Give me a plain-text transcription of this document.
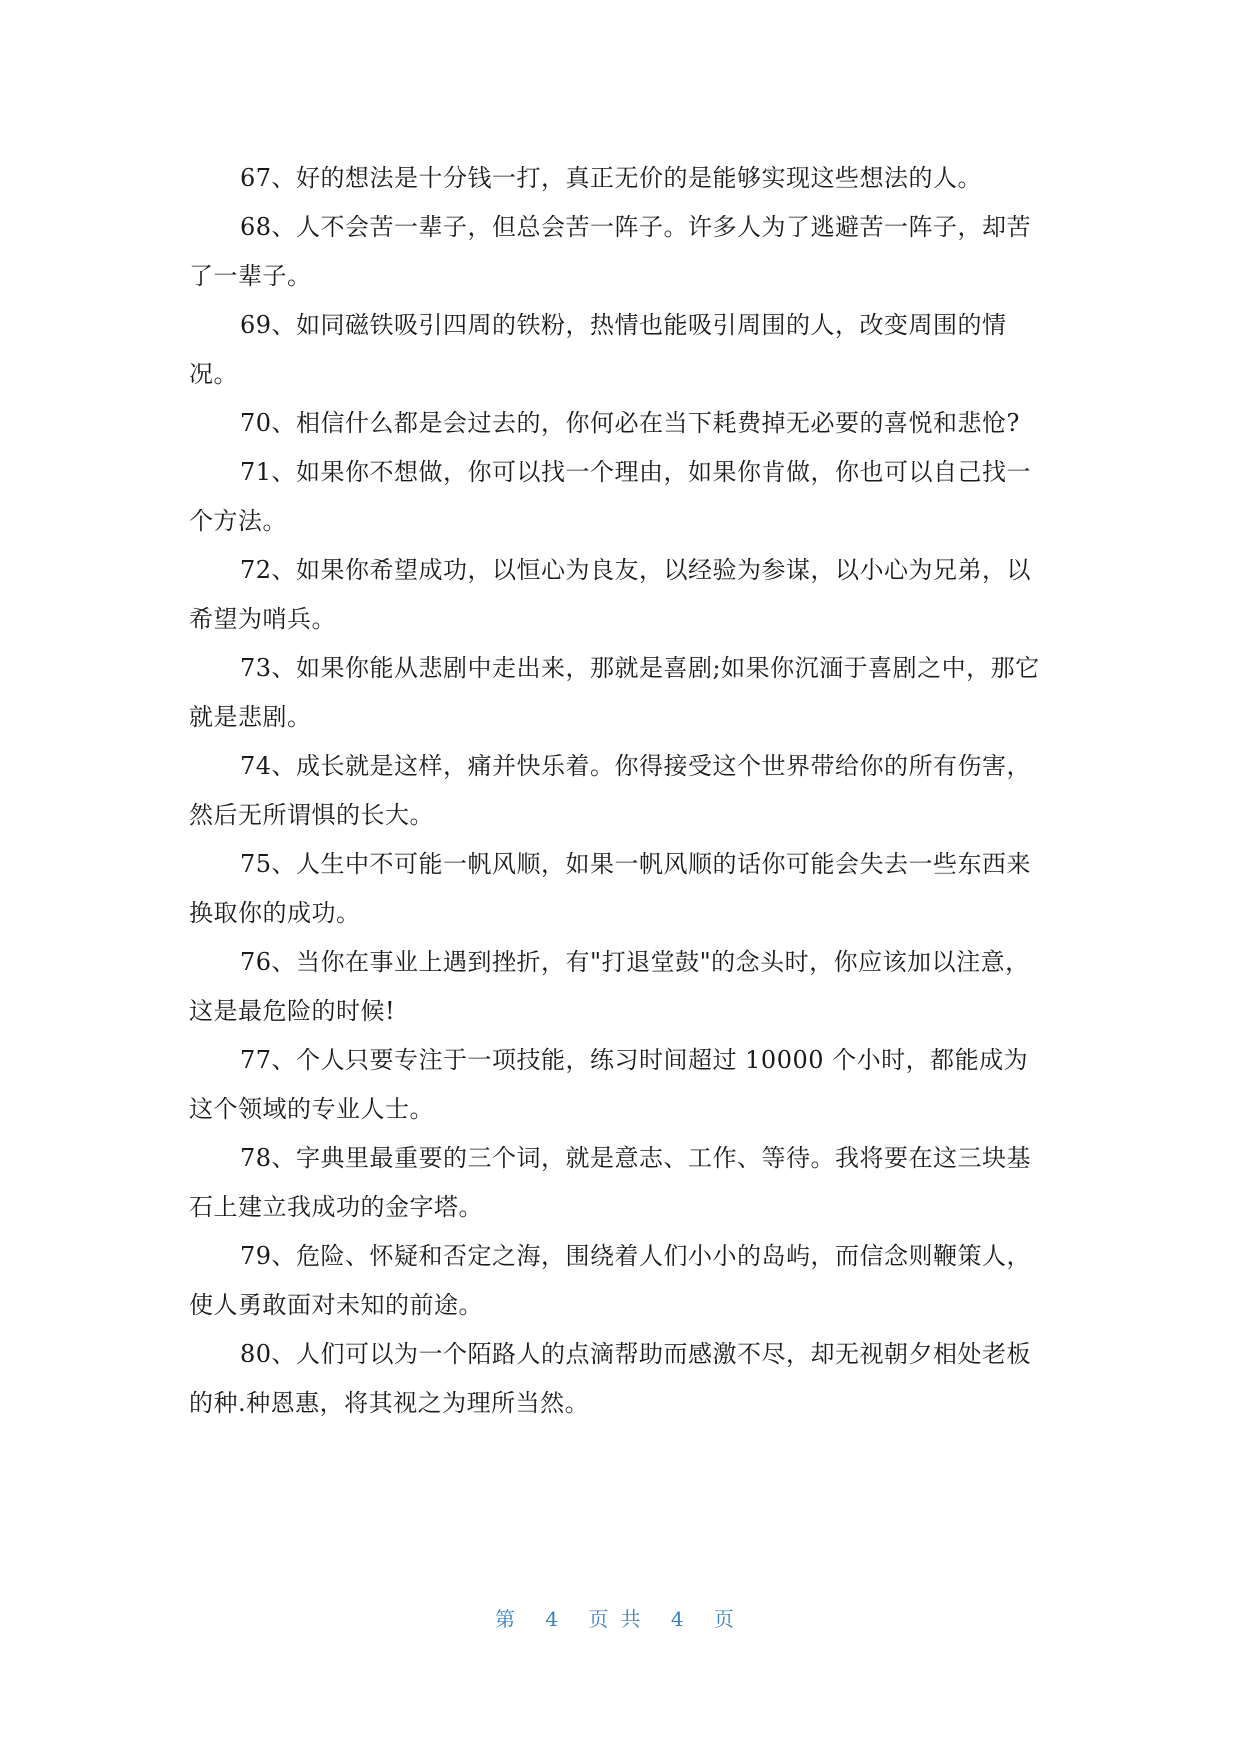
67、好的想法是十分钱一打，真正无价的是能够实现这些想法的人。

68、人不会苦一辈子，但总会苦一阵子。许多人为了逃避苦一阵子，却苦了一辈子。

69、如同磁铁吸引四周的铁粉，热情也能吸引周围的人，改变周围的情况。

70、相信什么都是会过去的，你何必在当下耗费掉无必要的喜悦和悲怆?

71、如果你不想做，你可以找一个理由，如果你肯做，你也可以自己找一个方法。

72、如果你希望成功，以恒心为良友，以经验为参谋，以小心为兄弟，以希望为哨兵。

73、如果你能从悲剧中走出来，那就是喜剧;如果你沉湎于喜剧之中，那它就是悲剧。

74、成长就是这样，痛并快乐着。你得接受这个世界带给你的所有伤害，然后无所谓惧的长大。

75、人生中不可能一帆风顺，如果一帆风顺的话你可能会失去一些东西来换取你的成功。

76、当你在事业上遇到挫折，有"打退堂鼓"的念头时，你应该加以注意，这是最危险的时候!

77、个人只要专注于一项技能，练习时间超过 10000 个小时，都能成为这个领域的专业人士。

78、字典里最重要的三个词，就是意志、工作、等待。我将要在这三块基石上建立我成功的金字塔。

79、危险、怀疑和否定之海，围绕着人们小小的岛屿，而信念则鞭策人，使人勇敢面对未知的前途。

80、人们可以为一个陌路人的点滴帮助而感激不尽，却无视朝夕相处老板的种.种恩惠，将其视之为理所当然。

第 4 页共 4 页
